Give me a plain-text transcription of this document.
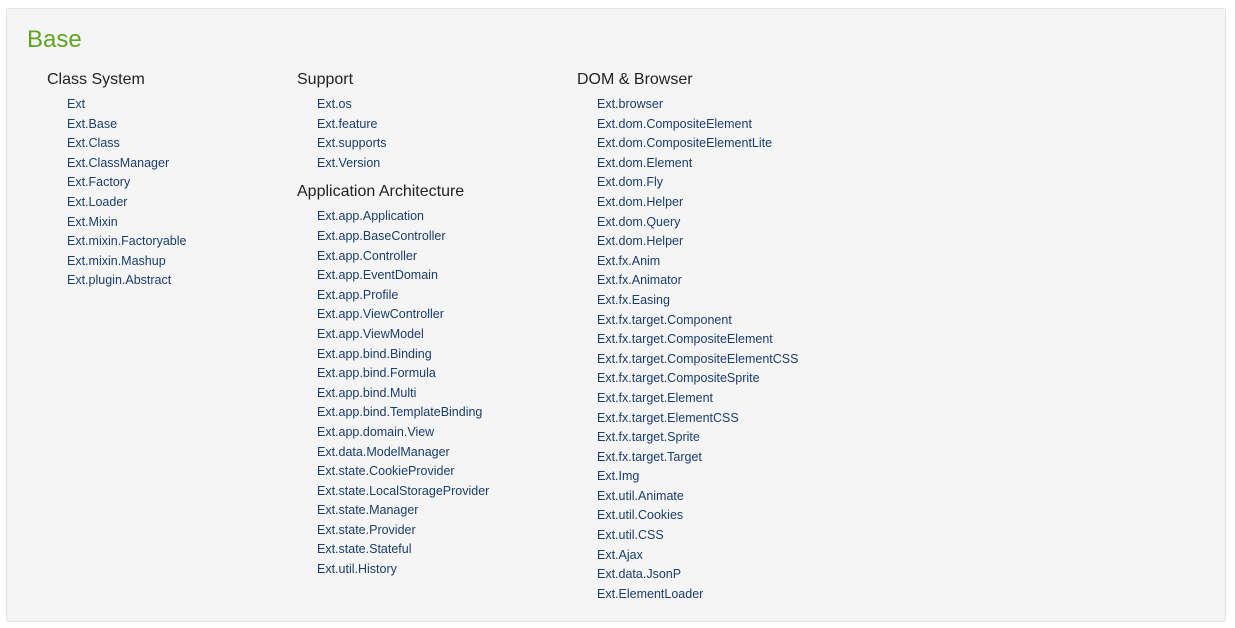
Base
Class System
Ext
Ext.Base
Ext.Class
Ext.ClassManager
Ext.Factory
Ext.Loader
Ext.Mixin
Ext.mixin.Factoryable
Ext.mixin.Mashup
Ext.plugin.Abstract
Support
Ext.os
Ext.feature
Ext.supports
Ext.Version
Application Architecture
Ext.app.Application
Ext.app.BaseController
Ext.app.Controller
Ext.app.EventDomain
Ext.app.Profile
Ext.app.ViewController
Ext.app.ViewModel
Ext.app.bind.Binding
Ext.app.bind.Formula
Ext.app.bind.Multi
Ext.app.bind.TemplateBinding
Ext.app.domain.View
Ext.data.ModelManager
Ext.state.CookieProvider
Ext.state.LocalStorageProvider
Ext.state.Manager
Ext.state.Provider
Ext.state.Stateful
Ext.util.History
DOM & Browser
Ext.browser
Ext.dom.CompositeElement
Ext.dom.CompositeElementLite
Ext.dom.Element
Ext.dom.Fly
Ext.dom.Helper
Ext.dom.Query
Ext.dom.Helper
Ext.fx.Anim
Ext.fx.Animator
Ext.fx.Easing
Ext.fx.target.Component
Ext.fx.target.CompositeElement
Ext.fx.target.CompositeElementCSS
Ext.fx.target.CompositeSprite
Ext.fx.target.Element
Ext.fx.target.ElementCSS
Ext.fx.target.Sprite
Ext.fx.target.Target
Ext.Img
Ext.util.Animate
Ext.util.Cookies
Ext.util.CSS
Ext.Ajax
Ext.data.JsonP
Ext.ElementLoader
